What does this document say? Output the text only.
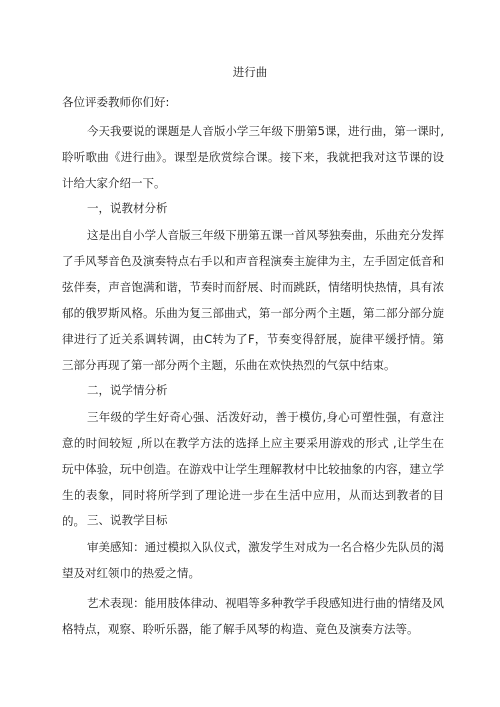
进行曲
各位评委教师你们好:

今天我要说的课题是人音版小学三年级下册第5课，进行曲，第一课时,聆听歌曲《进行曲》。课型是欣赏综合课。接下来，我就把我对这节课的设计给大家介绍一下。

一，说教材分析

这是出自小学人音版三年级下册第五课一首风琴独奏曲，乐曲充分发挥了手风琴音色及演奏特点右手以和声音程演奏主旋律为主，左手固定低音和弦伴奏，声音饱满和谐，节奏时而舒展、时而跳跃，情绪明快热情，具有浓郁的俄罗斯风格。乐曲为复三部曲式，第一部分两个主题，第二部分部分旋律进行了近关系调转调，由C转为了F，节奏变得舒展，旋律平缓抒情。第三部分再现了第一部分两个主题，乐曲在欢快热烈的气氛中结束。

二，说学情分析

三年级的学生好奇心强、活泼好动，善于模仿,身心可塑性强，有意注意的时间较短 ,所以在教学方法的选择上应主要采用游戏的形式 ,让学生在玩中体验，玩中创造。在游戏中让学生理解教材中比较抽象的内容，建立学生的表象，同时将所学到了理论进一步在生活中应用，从而达到教者的目的。 三、说教学目标

审美感知：通过模拟入队仪式，激发学生对成为一名合格少先队员的渴望及对红领巾的热爱之情。

艺术表现：能用肢体律动、视唱等多种教学手段感知进行曲的情绪及风格特点，观察、聆听乐器，能了解手风琴的构造、竟色及演奏方法等。
